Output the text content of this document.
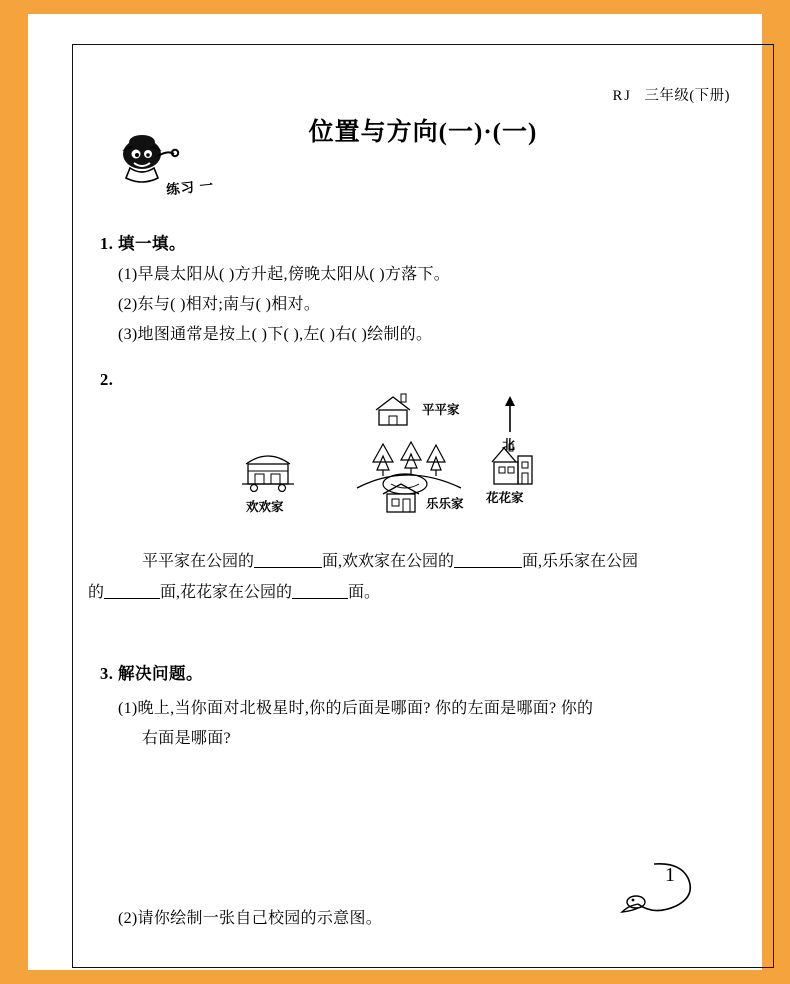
RJ 三年级(下册)
位置与方向(一)·(一)
练习 一
1. 填一填。
(1)早晨太阳从( )方升起,傍晚太阳从( )方落下。
(2)东与( )相对;南与( )相对。
(3)地图通常是按上( )下( ),左( )右( )绘制的。
2.
北
平平家
欢欢家	乐乐家 花花家
平平家在公园的	面,欢欢家在公园的	面,乐乐家在公园
的	面,花花家在公园的	面。
3. 解决问题。
(1)晚上,当你面对北极星时,你的后面是哪面? 你的左面是哪面? 你的
右面是哪面?
(2)请你绘制一张自己校园的示意图。
1
